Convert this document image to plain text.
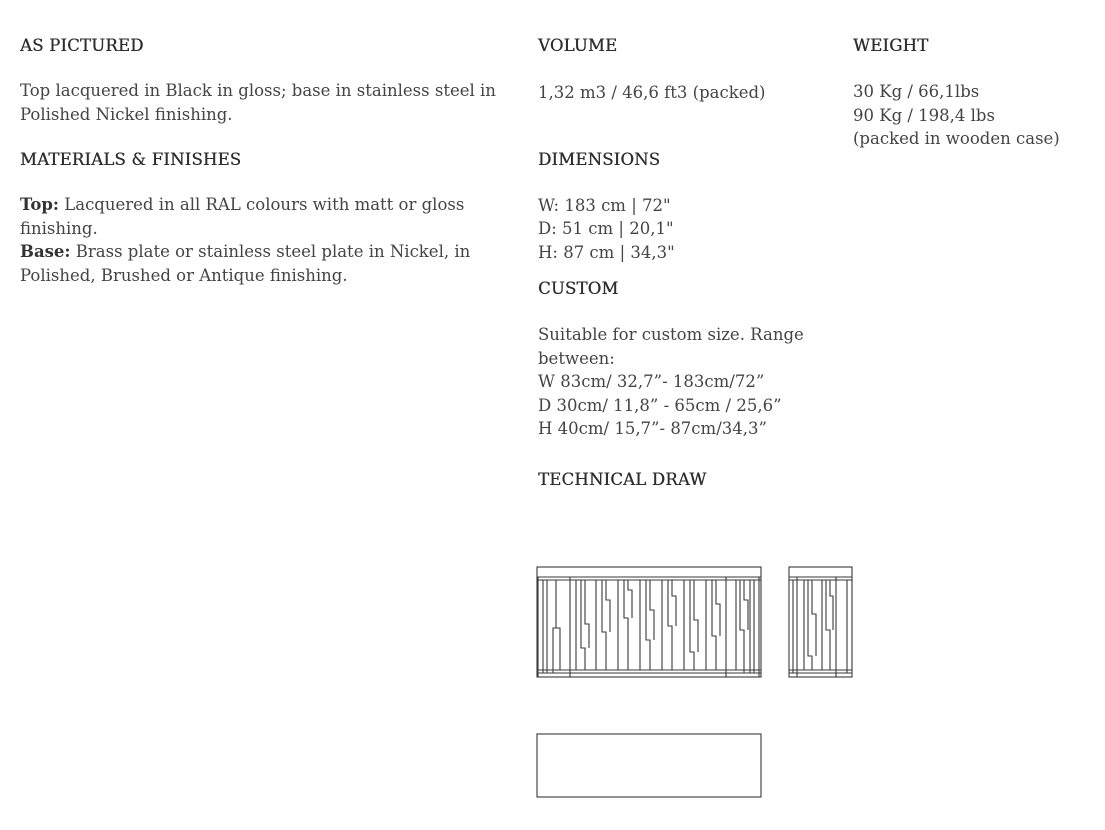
AS PICTURED

Top lacquered in Black in gloss; base in stainless steel in
Polished Nickel finishing.

MATERIALS & FINISHES

Top: Lacquered in all RAL colours with matt or gloss
finishing.
Base: Brass plate or stainless steel plate in Nickel, in
Polished, Brushed or Antique finishing.

VOLUME

1,32 m3 / 46,6 ft3 (packed)

DIMENSIONS

W: 183 cm | 72"
D: 51 cm | 20,1"
H: 87 cm | 34,3"

CUSTOM

Suitable for custom size. Range
between:
W 83cm/ 32,7”- 183cm/72”
D 30cm/ 11,8” - 65cm / 25,6”
H 40cm/ 15,7”- 87cm/34,3”

TECHNICAL DRAW
WEIGHT

30 Kg / 66,1lbs
90 Kg / 198,4 lbs
(packed in wooden case)
